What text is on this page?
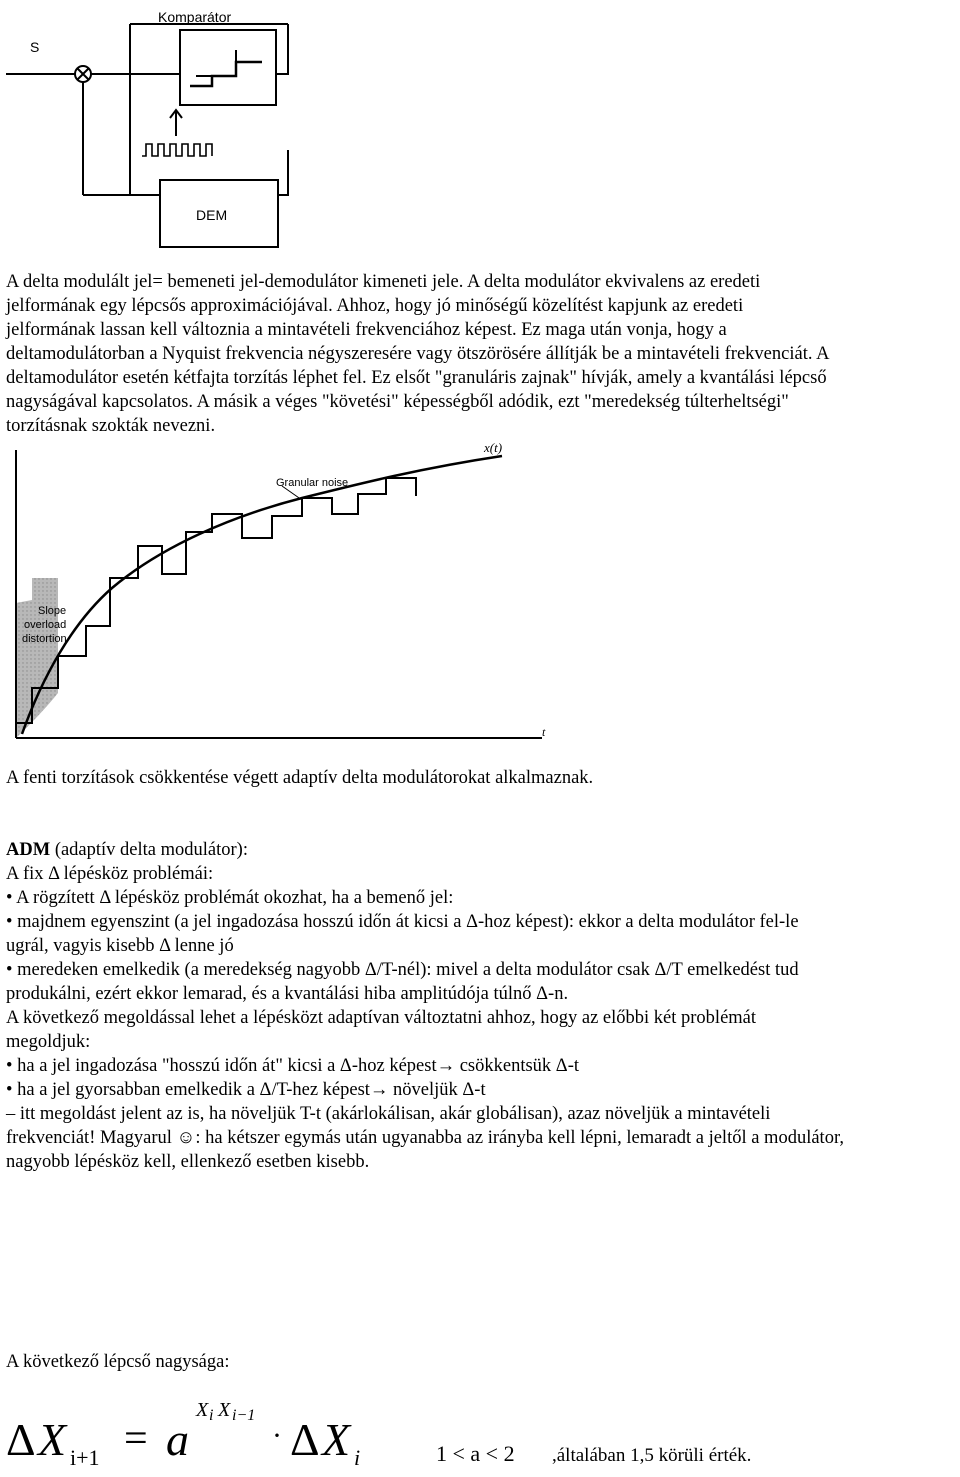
Komparátor
S
DEM

A delta modulált jel= bemeneti jel-demodulátor kimeneti jele. A delta modulátor ekvivalens az eredeti

jelformának egy lépcsős approximációjával. Ahhoz, hogy jó minőségű közelítést kapjunk az eredeti

jelformának lassan kell változnia a mintavételi frekvenciához képest. Ez maga után vonja, hogy a

deltamodulátorban a Nyquist frekvencia négyszeresére vagy ötszörösére állítják be a mintavételi frekvenciát. A

deltamodulátor esetén kétfajta torzítás léphet fel. Ez elsőt "granuláris zajnak" hívják, amely a kvantálási lépcső

nagyságával kapcsolatos. A másik a véges "követési" képességből adódik, ezt "meredekség túlterheltségi"

torzításnak szokták nevezni.

x(t)
Granular noise
Slope
overload
distortion
t

A fenti torzítások csökkentése végett adaptív delta modulátorokat alkalmaznak.

ADM (adaptív delta modulátor):

A fix Δ lépésköz problémái:

• A rögzített Δ lépésköz problémát okozhat, ha a bemenő jel:

• majdnem egyenszint (a jel ingadozása hosszú időn át kicsi a Δ-hoz képest): ekkor a delta modulátor fel-le

ugrál, vagyis kisebb Δ lenne jó

• meredeken emelkedik (a meredekség nagyobb Δ/T-nél): mivel a delta modulátor csak Δ/T emelkedést tud

produkálni, ezért ekkor lemarad, és a kvantálási hiba amplitúdója túlnő Δ-n.

A következő megoldással lehet a lépésközt adaptívan változtatni ahhoz, hogy az előbbi két problémát

megoldjuk:

• ha a jel ingadozása "hosszú időn át" kicsi a Δ-hoz képest→ csökkentsük Δ-t

• ha a jel gyorsabban emelkedik a Δ/T-hez képest→ növeljük Δ-t

– itt megoldást jelent az is, ha növeljük T-t (akárlokálisan, akár globálisan), azaz növeljük a mintavételi

frekvenciát! Magyarul ☺: ha kétszer egymás után ugyanabba az irányba kell lépni, lemaradt a jeltől a modulátor,

nagyobb lépésköz kell, ellenkező esetben kisebb.

A következő lépcső nagysága:

Δ X i+1 = a
X i X i−1
· Δ X i	1 < a < 2 ,általában 1,5 körüli érték.
